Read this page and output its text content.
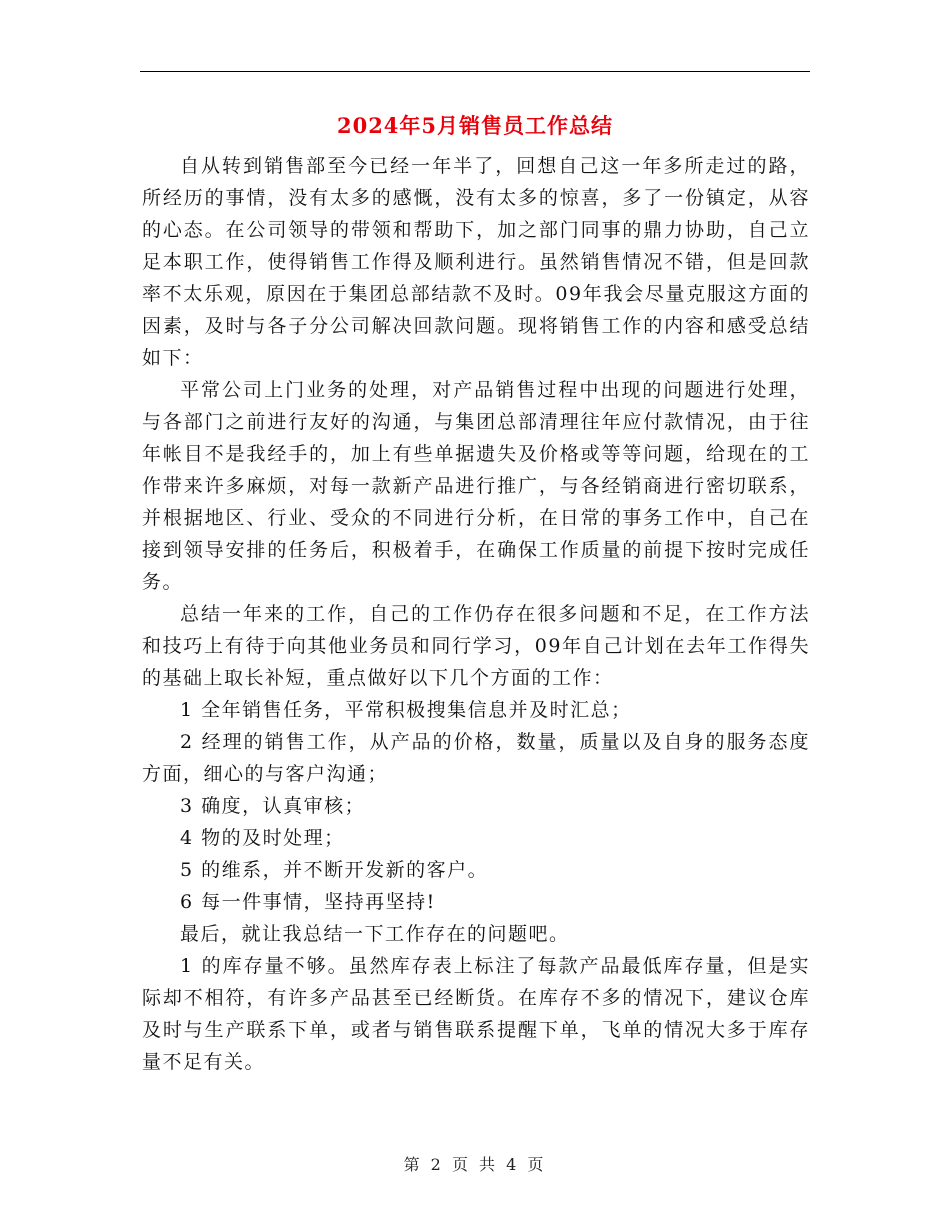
2024年5月销售员工作总结

自从转到销售部至今已经一年半了，回想自己这一年多所走过的路，所经历的事情，没有太多的感慨，没有太多的惊喜，多了一份镇定，从容的心态。在公司领导的带领和帮助下，加之部门同事的鼎力协助，自己立足本职工作，使得销售工作得及顺利进行。虽然销售情况不错，但是回款率不太乐观，原因在于集团总部结款不及时。09年我会尽量克服这方面的因素，及时与各子分公司解决回款问题。现将销售工作的内容和感受总结如下：

平常公司上门业务的处理，对产品销售过程中出现的问题进行处理，与各部门之前进行友好的沟通，与集团总部清理往年应付款情况，由于往年帐目不是我经手的，加上有些单据遗失及价格或等等问题，给现在的工作带来许多麻烦，对每一款新产品进行推广，与各经销商进行密切联系，并根据地区、行业、受众的不同进行分析，在日常的事务工作中，自己在接到领导安排的任务后，积极着手，在确保工作质量的前提下按时完成任务。

总结一年来的工作，自己的工作仍存在很多问题和不足，在工作方法和技巧上有待于向其他业务员和同行学习，09年自己计划在去年工作得失的基础上取长补短，重点做好以下几个方面的工作：

1 全年销售任务，平常积极搜集信息并及时汇总；

2 经理的销售工作，从产品的价格，数量，质量以及自身的服务态度方面，细心的与客户沟通；

3 确度，认真审核；

4 物的及时处理；

5 的维系，并不断开发新的客户。

6 每一件事情，坚持再坚持!

最后，就让我总结一下工作存在的问题吧。

1 的库存量不够。虽然库存表上标注了每款产品最低库存量，但是实际却不相符，有许多产品甚至已经断货。在库存不多的情况下，建议仓库及时与生产联系下单，或者与销售联系提醒下单，飞单的情况大多于库存量不足有关。

第 2 页 共 4 页
